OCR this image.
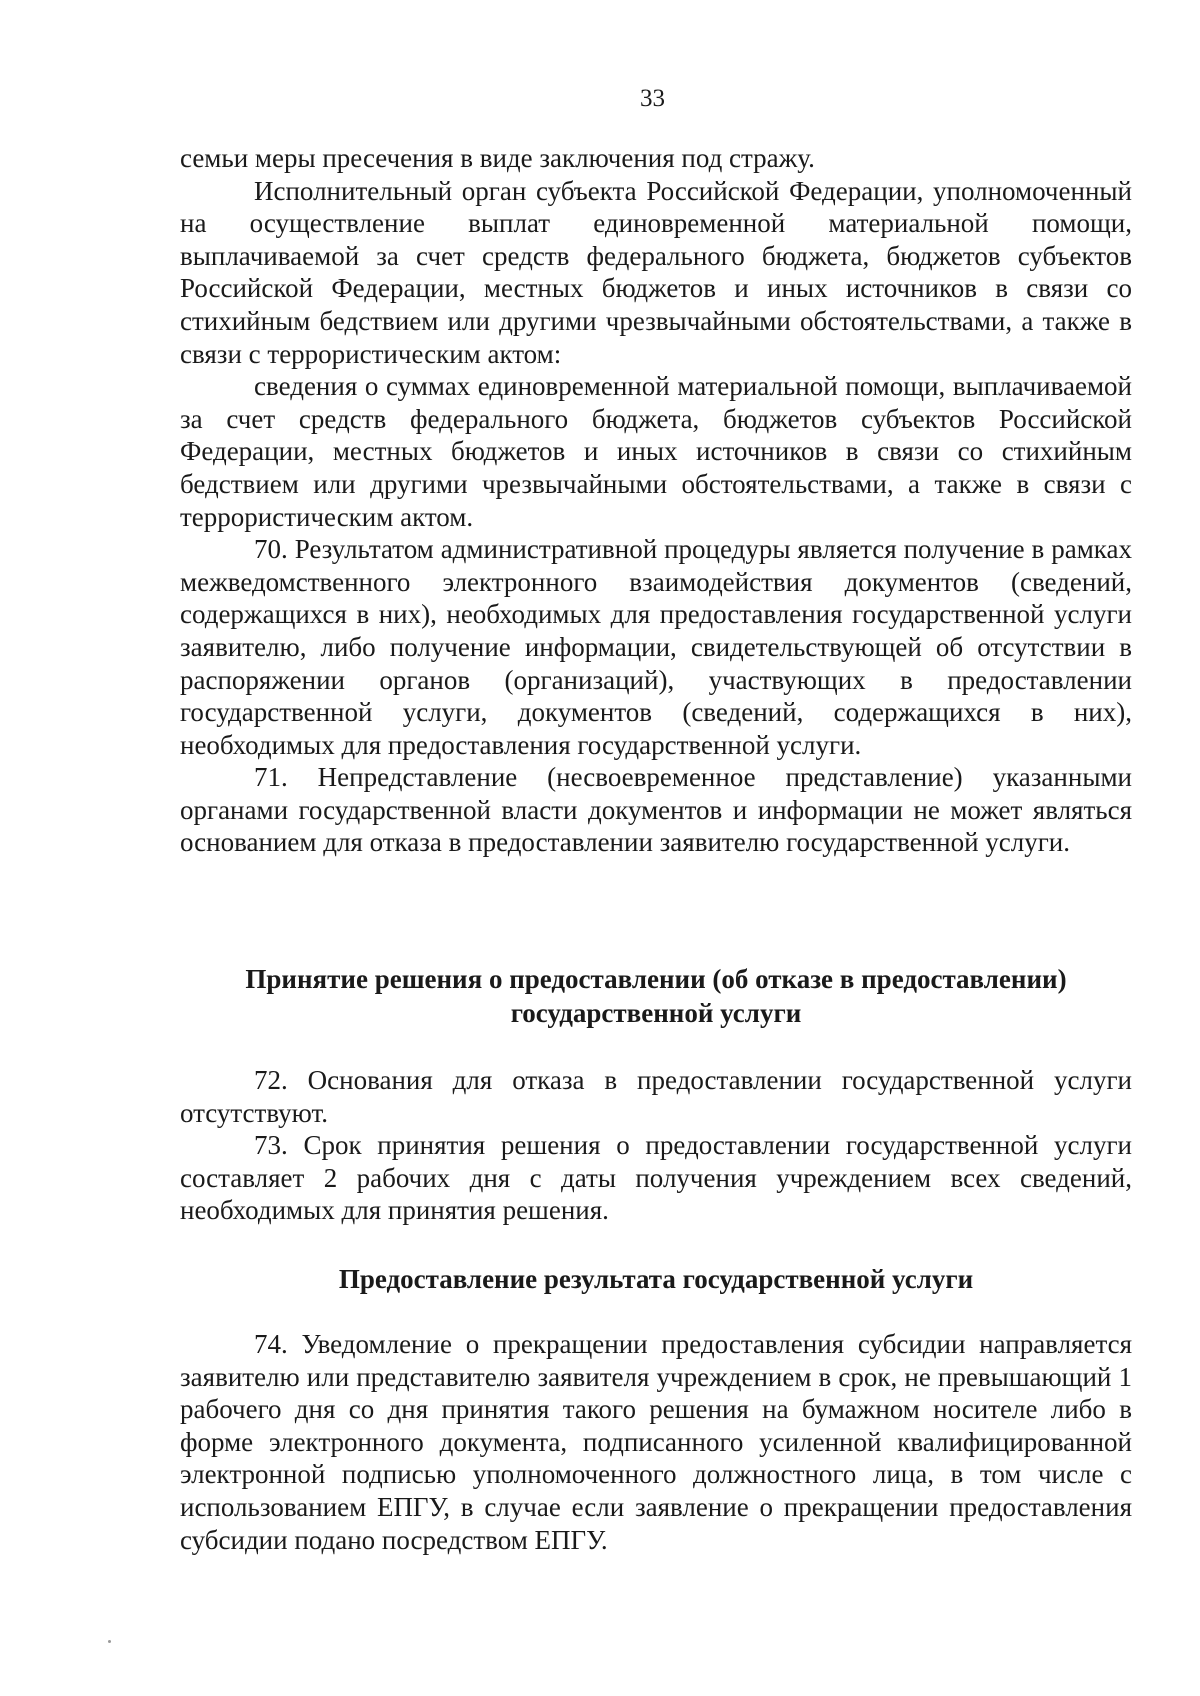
33

семьи меры пресечения в виде заключения под стражу.

Исполнительный орган субъекта Российской Федерации, уполномоченный на осуществление выплат единовременной материальной помощи, выплачиваемой за счет средств федерального бюджета, бюджетов субъектов Российской Федерации, местных бюджетов и иных источников в связи со стихийным бедствием или другими чрезвычайными обстоятельствами, а также в связи с террористическим актом:

сведения о суммах единовременной материальной помощи, выплачиваемой за счет средств федерального бюджета, бюджетов субъектов Российской Федерации, местных бюджетов и иных источников в связи со стихийным бедствием или другими чрезвычайными обстоятельствами, а также в связи с террористическим актом.

70. Результатом административной процедуры является получение в рамках межведомственного электронного взаимодействия документов (сведений, содержащихся в них), необходимых для предоставления государственной услуги заявителю, либо получение информации, свидетельствующей об отсутствии в распоряжении органов (организаций), участвующих в предоставлении государственной услуги, документов (сведений, содержащихся в них), необходимых для предоставления государственной услуги.

71. Непредставление (несвоевременное представление) указанными органами государственной власти документов и информации не может являться основанием для отказа в предоставлении заявителю государственной услуги.

Принятие решения о предоставлении (об отказе в предоставлении)
государственной услуги

72. Основания для отказа в предоставлении государственной услуги отсутствуют.

73. Срок принятия решения о предоставлении государственной услуги составляет 2 рабочих дня с даты получения учреждением всех сведений, необходимых для принятия решения.

Предоставление результата государственной услуги

74. Уведомление о прекращении предоставления субсидии направляется заявителю или представителю заявителя учреждением в срок, не превышающий 1 рабочего дня со дня принятия такого решения на бумажном носителе либо в форме электронного документа, подписанного усиленной квалифицированной электронной подписью уполномоченного должностного лица, в том числе с использованием ЕПГУ, в случае если заявление о прекращении предоставления субсидии подано посредством ЕПГУ.
